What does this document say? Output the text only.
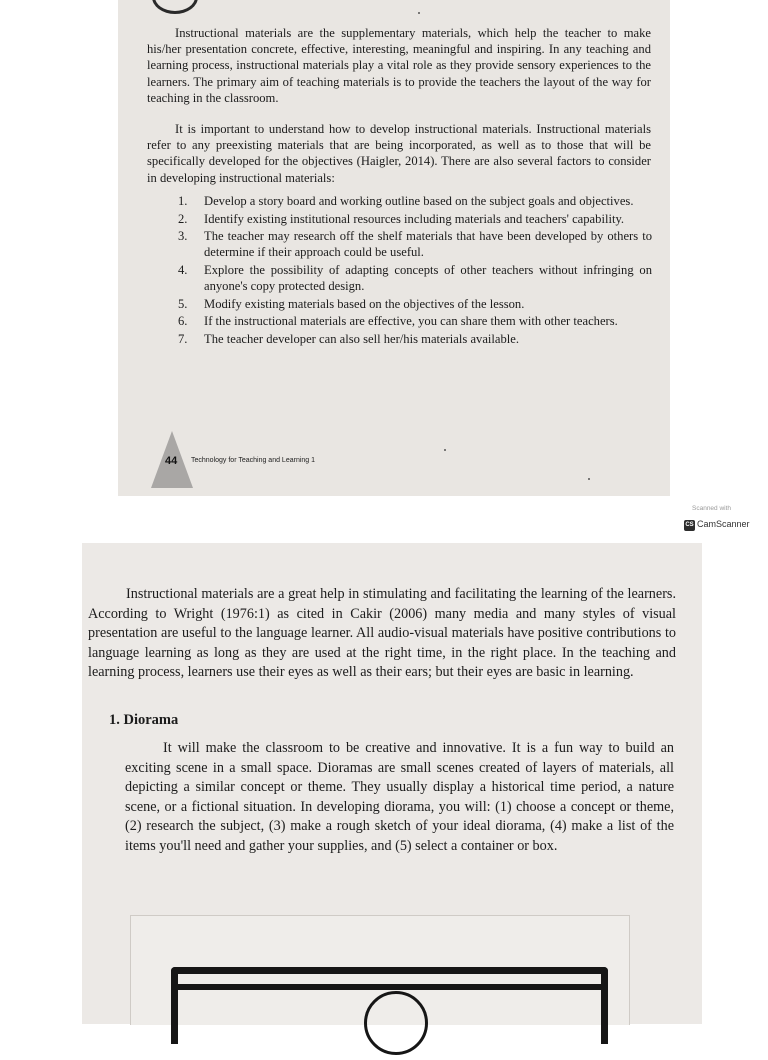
Instructional materials are the supplementary materials, which help the teacher to make his/her presentation concrete, effective, interesting, meaningful and inspiring. In any teaching and learning process, instructional materials play a vital role as they provide sensory experiences to the learners. The primary aim of teaching materials is to provide the teachers the layout of the way for teaching in the classroom.

It is important to understand how to develop instructional materials. Instructional materials refer to any preexisting materials that are being incorporated, as well as to those that will be specifically developed for the objectives (Haigler, 2014). There are also several factors to consider in developing instructional materials:

1.	Develop a story board and working outline based on the subject goals and objectives.
2.	Identify existing institutional resources including materials and teachers' capability.
3.	The teacher may research off the shelf materials that have been developed by others to determine if their approach could be useful.
4.	Explore the possibility of adapting concepts of other teachers without infringing on anyone's copy protected design.
5.	Modify existing materials based on the objectives of the lesson.
6.	If the instructional materials are effective, you can share them with other teachers.
7.	The teacher developer can also sell her/his materials available.
44 Technology for Teaching and Learning 1
Scanned with
CS CamScanner

Instructional materials are a great help in stimulating and facilitating the learning of the learners. According to Wright (1976:1) as cited in Cakir (2006) many media and many styles of visual presentation are useful to the language learner. All audio-visual materials have positive contributions to language learning as long as they are used at the right time, in the right place. In the teaching and learning process, learners use their eyes as well as their ears; but their eyes are basic in learning.

1. Diorama

It will make the classroom to be creative and innovative. It is a fun way to build an exciting scene in a small space. Dioramas are small scenes created of layers of materials, all depicting a similar concept or theme. They usually display a historical time period, a nature scene, or a fictional situation. In developing diorama, you will: (1) choose a concept or theme, (2) research the subject, (3) make a rough sketch of your ideal diorama, (4) make a list of the items you'll need and gather your supplies, and (5) select a container or box.
